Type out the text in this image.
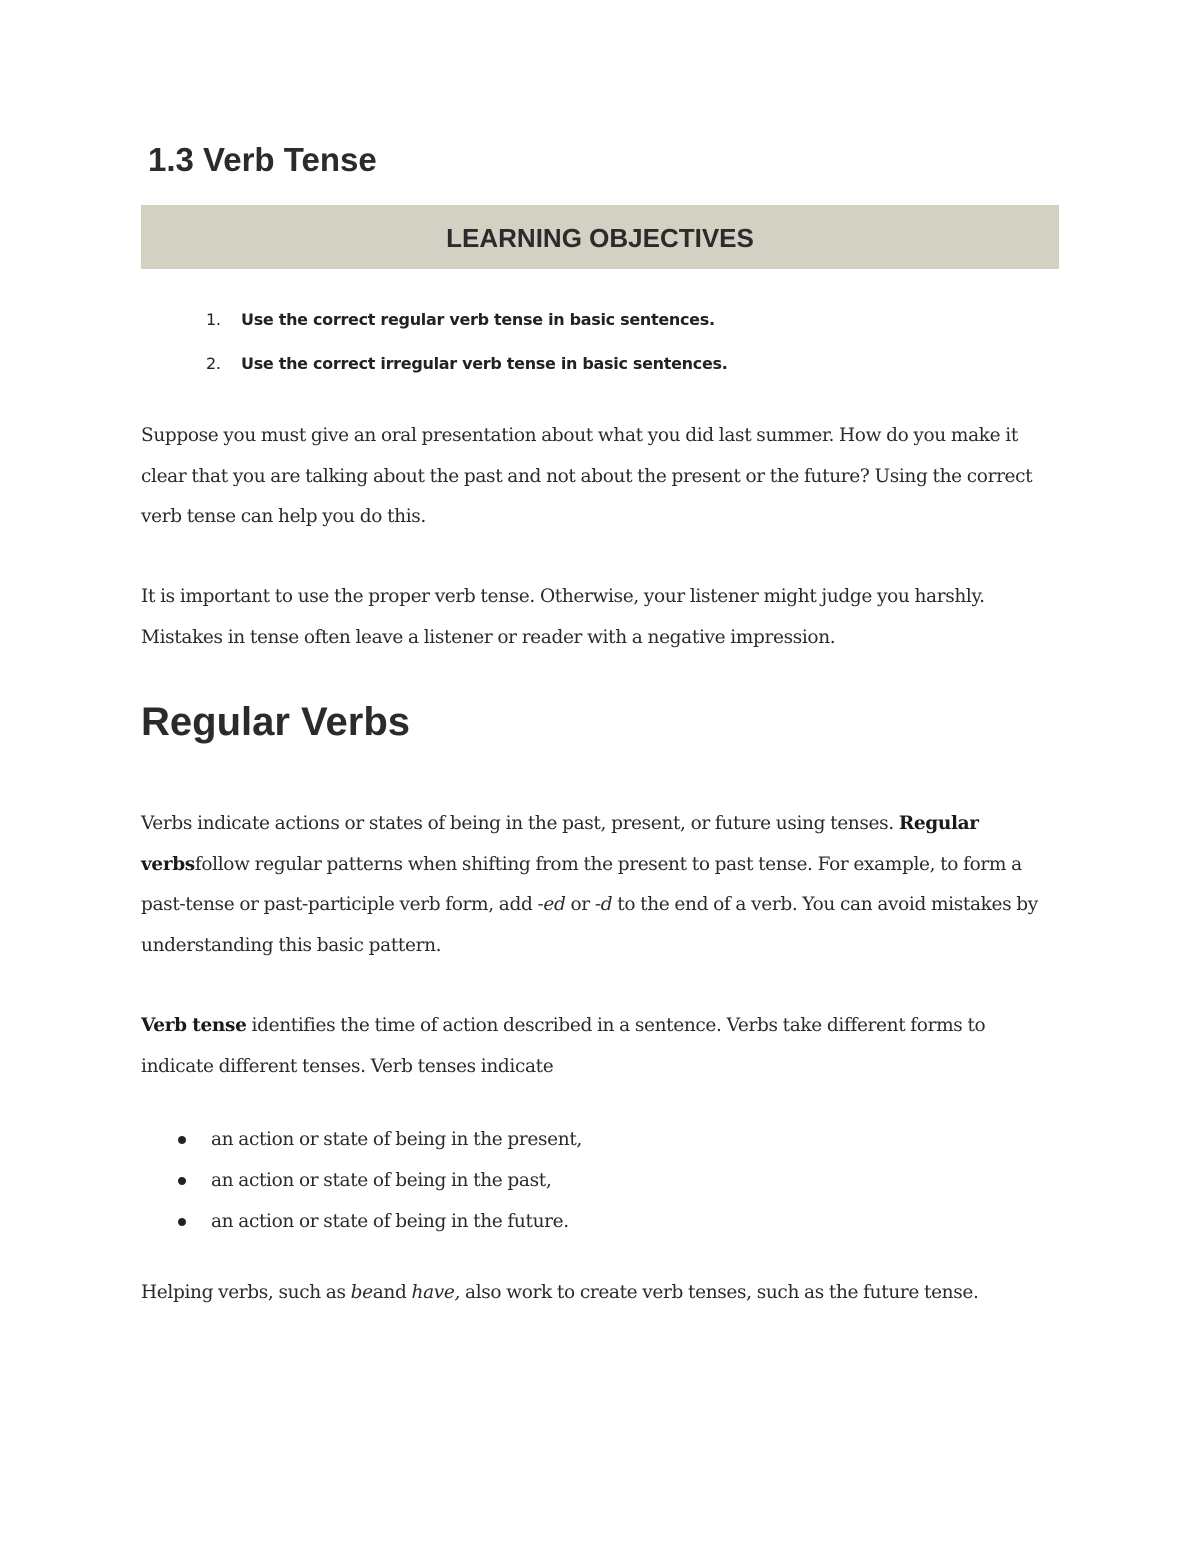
1.3 Verb Tense
LEARNING OBJECTIVES
1. Use the correct regular verb tense in basic sentences.
2. Use the correct irregular verb tense in basic sentences.

Suppose you must give an oral presentation about what you did last summer. How do you make it clear that you are talking about the past and not about the present or the future? Using the correct verb tense can help you do this.

It is important to use the proper verb tense. Otherwise, your listener might judge you harshly. Mistakes in tense often leave a listener or reader with a negative impression.

Regular Verbs

Verbs indicate actions or states of being in the past, present, or future using tenses. Regular verbsfollow regular patterns when shifting from the present to past tense. For example, to form a past-tense or past-participle verb form, add -ed or -d to the end of a verb. You can avoid mistakes by understanding this basic pattern.

Verb tense identifies the time of action described in a sentence. Verbs take different forms to indicate different tenses. Verb tenses indicate

an action or state of being in the present,
an action or state of being in the past,
an action or state of being in the future.

Helping verbs, such as beand have, also work to create verb tenses, such as the future tense.
